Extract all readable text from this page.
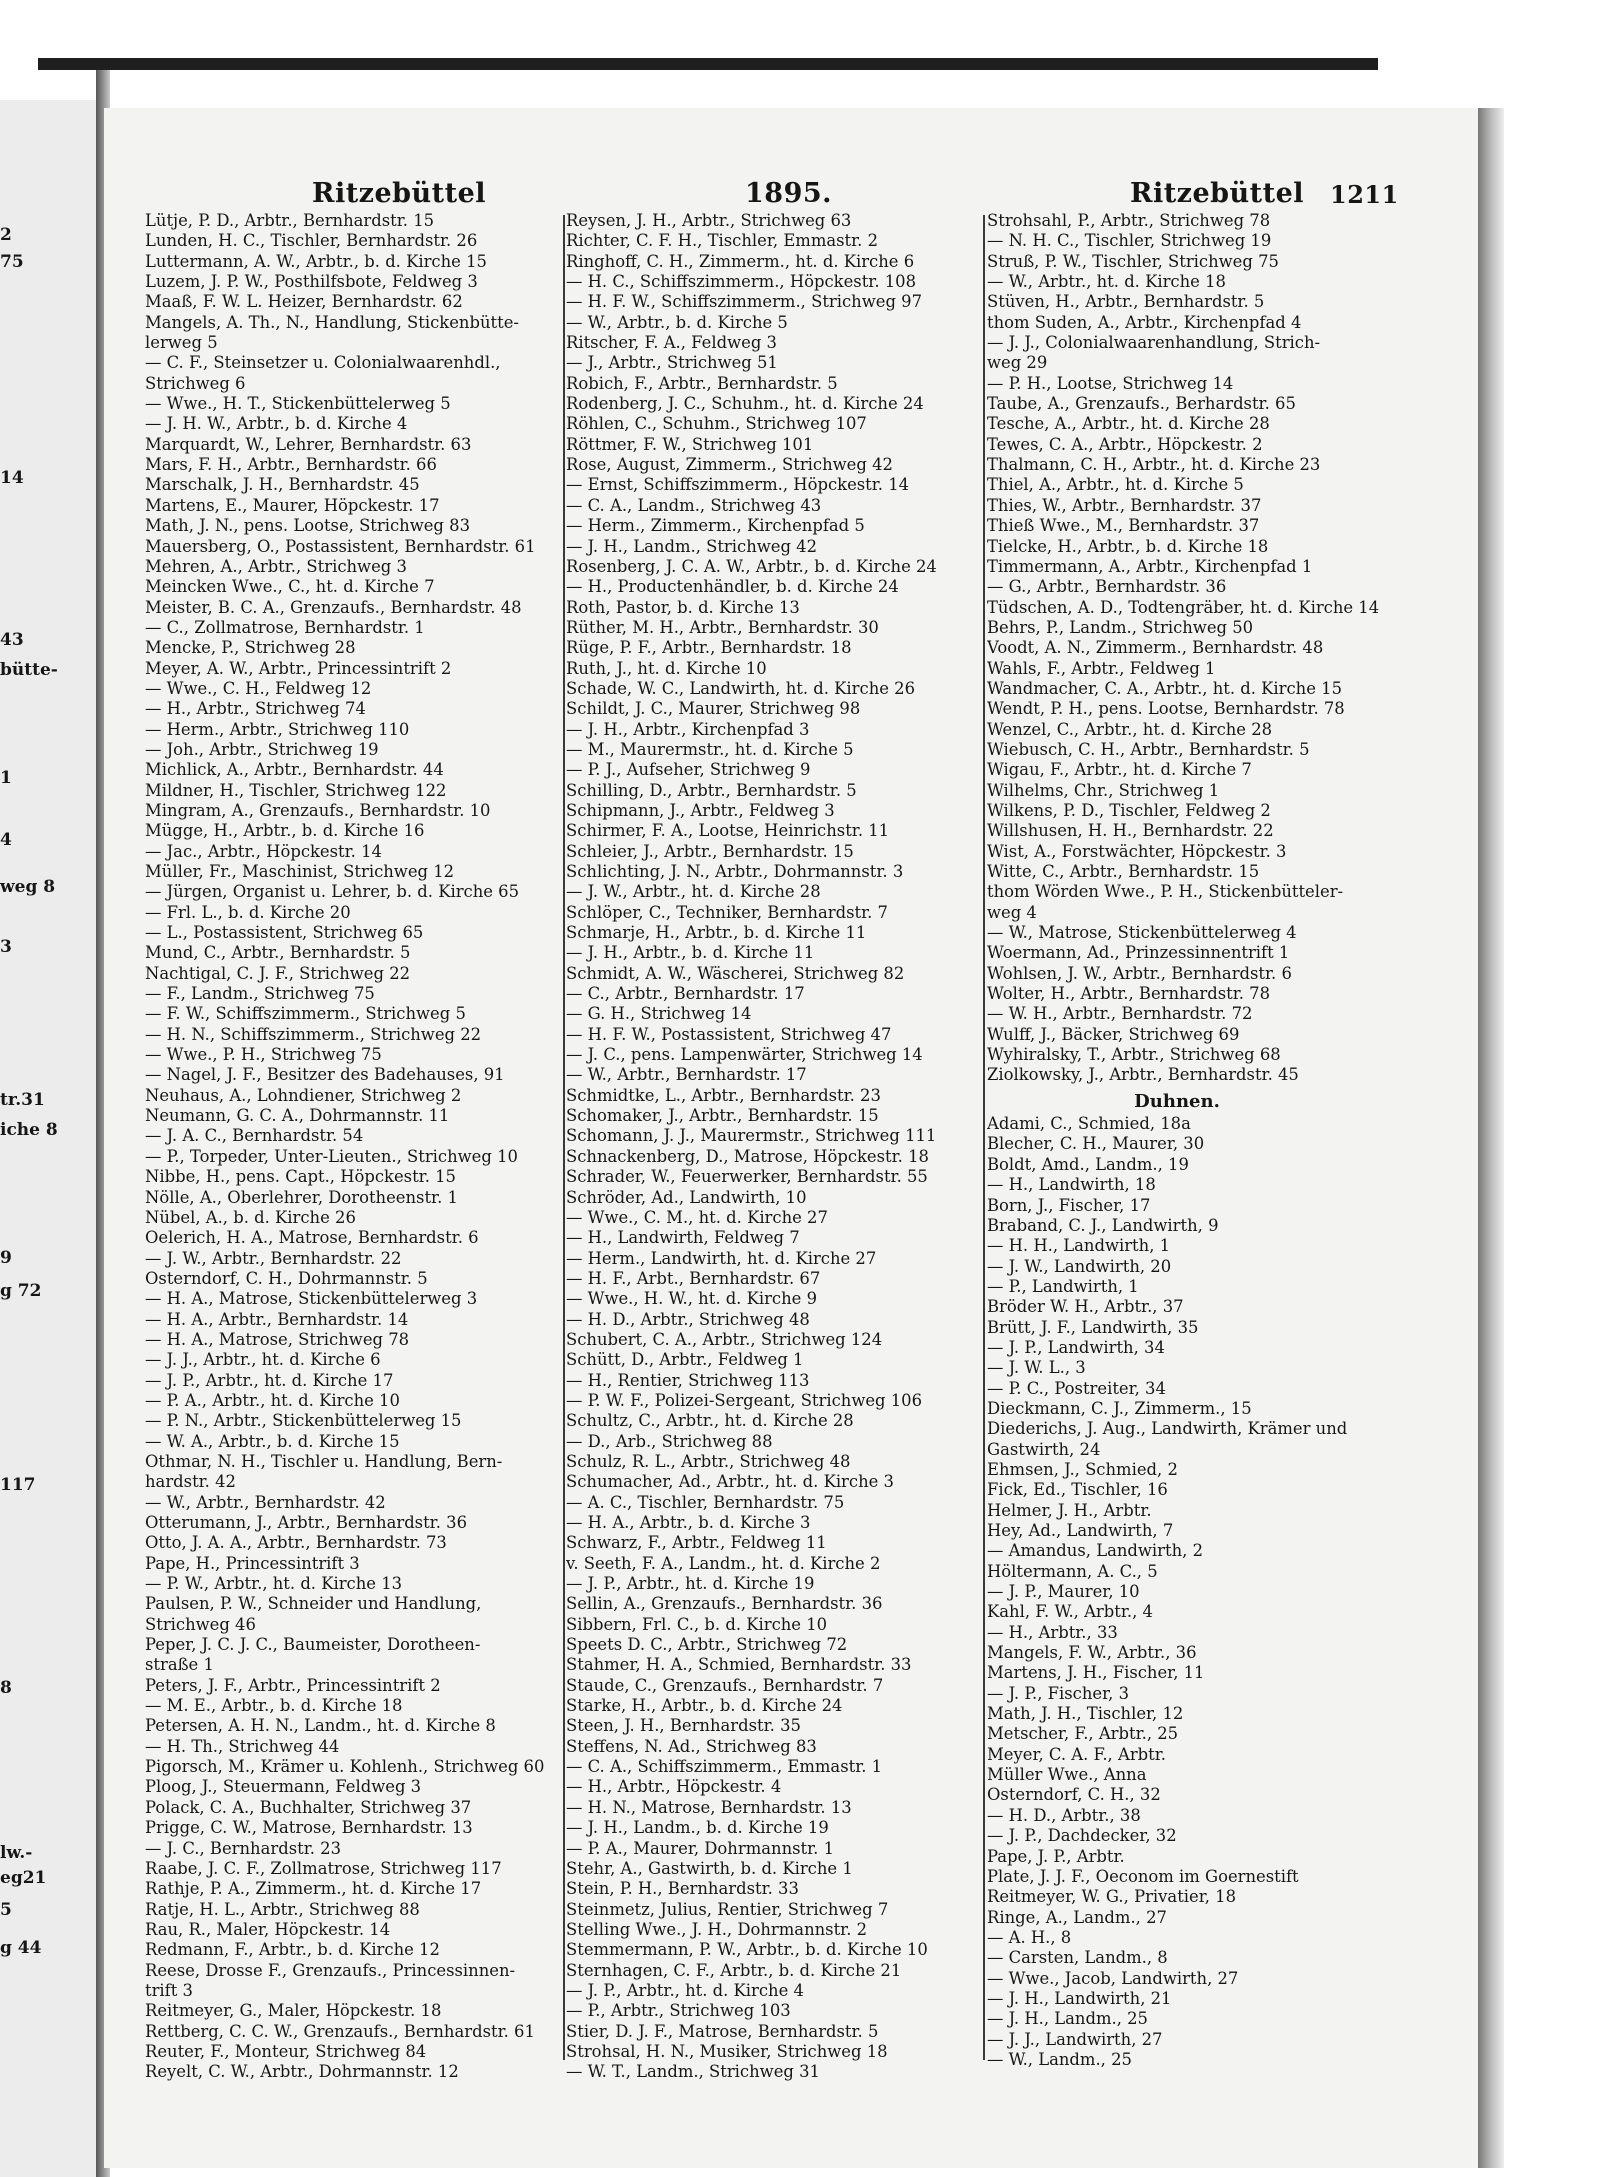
2
75
14
43
bütte-
1
4
weg 8
3
tr.31
iche 8
9
g 72
117
8
lw.-
eg21
5
g 44
Ritzebüttel	1895.	Ritzebüttel 1211
Lütje, P. D., Arbtr., Bernhardstr. 15
Lunden, H. C., Tischler, Bernhardstr. 26
Luttermann, A. W., Arbtr., b. d. Kirche 15
Luzem, J. P. W., Posthilfsbote, Feldweg 3
Maaß, F. W. L. Heizer, Bernhardstr. 62
Mangels, A. Th., N., Handlung, Stickenbütte-
lerweg 5
— C. F., Steinsetzer u. Colonialwaarenhdl.,
Strichweg 6
— Wwe., H. T., Stickenbüttelerweg 5
— J. H. W., Arbtr., b. d. Kirche 4
Marquardt, W., Lehrer, Bernhardstr. 63
Mars, F. H., Arbtr., Bernhardstr. 66
Marschalk, J. H., Bernhardstr. 45
Martens, E., Maurer, Höpckestr. 17
Math, J. N., pens. Lootse, Strichweg 83
Mauersberg, O., Postassistent, Bernhardstr. 61
Mehren, A., Arbtr., Strichweg 3
Meincken Wwe., C., ht. d. Kirche 7
Meister, B. C. A., Grenzaufs., Bernhardstr. 48
— C., Zollmatrose, Bernhardstr. 1
Mencke, P., Strichweg 28
Meyer, A. W., Arbtr., Princessintrift 2
— Wwe., C. H., Feldweg 12
— H., Arbtr., Strichweg 74
— Herm., Arbtr., Strichweg 110
— Joh., Arbtr., Strichweg 19
Michlick, A., Arbtr., Bernhardstr. 44
Mildner, H., Tischler, Strichweg 122
Mingram, A., Grenzaufs., Bernhardstr. 10
Mügge, H., Arbtr., b. d. Kirche 16
— Jac., Arbtr., Höpckestr. 14
Müller, Fr., Maschinist, Strichweg 12
— Jürgen, Organist u. Lehrer, b. d. Kirche 65
— Frl. L., b. d. Kirche 20
— L., Postassistent, Strichweg 65
Mund, C., Arbtr., Bernhardstr. 5
Nachtigal, C. J. F., Strichweg 22
— F., Landm., Strichweg 75
— F. W., Schiffszimmerm., Strichweg 5
— H. N., Schiffszimmerm., Strichweg 22
— Wwe., P. H., Strichweg 75
— Nagel, J. F., Besitzer des Badehauses, 91
Neuhaus, A., Lohndiener, Strichweg 2
Neumann, G. C. A., Dohrmannstr. 11
— J. A. C., Bernhardstr. 54
— P., Torpeder, Unter-Lieuten., Strichweg 10
Nibbe, H., pens. Capt., Höpckestr. 15
Nölle, A., Oberlehrer, Dorotheenstr. 1
Nübel, A., b. d. Kirche 26
Oelerich, H. A., Matrose, Bernhardstr. 6
— J. W., Arbtr., Bernhardstr. 22
Osterndorf, C. H., Dohrmannstr. 5
— H. A., Matrose, Stickenbüttelerweg 3
— H. A., Arbtr., Bernhardstr. 14
— H. A., Matrose, Strichweg 78
— J. J., Arbtr., ht. d. Kirche 6
— J. P., Arbtr., ht. d. Kirche 17
— P. A., Arbtr., ht. d. Kirche 10
— P. N., Arbtr., Stickenbüttelerweg 15
— W. A., Arbtr., b. d. Kirche 15
Othmar, N. H., Tischler u. Handlung, Bern-
hardstr. 42
— W., Arbtr., Bernhardstr. 42
Otterumann, J., Arbtr., Bernhardstr. 36
Otto, J. A. A., Arbtr., Bernhardstr. 73
Pape, H., Princessintrift 3
— P. W., Arbtr., ht. d. Kirche 13
Paulsen, P. W., Schneider und Handlung,
Strichweg 46
Peper, J. C. J. C., Baumeister, Dorotheen-
straße 1
Peters, J. F., Arbtr., Princessintrift 2
— M. E., Arbtr., b. d. Kirche 18
Petersen, A. H. N., Landm., ht. d. Kirche 8
— H. Th., Strichweg 44
Pigorsch, M., Krämer u. Kohlenh., Strichweg 60
Ploog, J., Steuermann, Feldweg 3
Polack, C. A., Buchhalter, Strichweg 37
Prigge, C. W., Matrose, Bernhardstr. 13
— J. C., Bernhardstr. 23
Raabe, J. C. F., Zollmatrose, Strichweg 117
Rathje, P. A., Zimmerm., ht. d. Kirche 17
Ratje, H. L., Arbtr., Strichweg 88
Rau, R., Maler, Höpckestr. 14
Redmann, F., Arbtr., b. d. Kirche 12
Reese, Drosse F., Grenzaufs., Princessinnen-
trift 3
Reitmeyer, G., Maler, Höpckestr. 18
Rettberg, C. C. W., Grenzaufs., Bernhardstr. 61
Reuter, F., Monteur, Strichweg 84
Reyelt, C. W., Arbtr., Dohrmannstr. 12
Reysen, J. H., Arbtr., Strichweg 63
Richter, C. F. H., Tischler, Emmastr. 2
Ringhoff, C. H., Zimmerm., ht. d. Kirche 6
— H. C., Schiffszimmerm., Höpckestr. 108
— H. F. W., Schiffszimmerm., Strichweg 97
— W., Arbtr., b. d. Kirche 5
Ritscher, F. A., Feldweg 3
— J., Arbtr., Strichweg 51
Robich, F., Arbtr., Bernhardstr. 5
Rodenberg, J. C., Schuhm., ht. d. Kirche 24
Röhlen, C., Schuhm., Strichweg 107
Röttmer, F. W., Strichweg 101
Rose, August, Zimmerm., Strichweg 42
— Ernst, Schiffszimmerm., Höpckestr. 14
— C. A., Landm., Strichweg 43
— Herm., Zimmerm., Kirchenpfad 5
— J. H., Landm., Strichweg 42
Rosenberg, J. C. A. W., Arbtr., b. d. Kirche 24
— H., Productenhändler, b. d. Kirche 24
Roth, Pastor, b. d. Kirche 13
Rüther, M. H., Arbtr., Bernhardstr. 30
Rüge, P. F., Arbtr., Bernhardstr. 18
Ruth, J., ht. d. Kirche 10
Schade, W. C., Landwirth, ht. d. Kirche 26
Schildt, J. C., Maurer, Strichweg 98
— J. H., Arbtr., Kirchenpfad 3
— M., Maurermstr., ht. d. Kirche 5
— P. J., Aufseher, Strichweg 9
Schilling, D., Arbtr., Bernhardstr. 5
Schipmann, J., Arbtr., Feldweg 3
Schirmer, F. A., Lootse, Heinrichstr. 11
Schleier, J., Arbtr., Bernhardstr. 15
Schlichting, J. N., Arbtr., Dohrmannstr. 3
— J. W., Arbtr., ht. d. Kirche 28
Schlöper, C., Techniker, Bernhardstr. 7
Schmarje, H., Arbtr., b. d. Kirche 11
— J. H., Arbtr., b. d. Kirche 11
Schmidt, A. W., Wäscherei, Strichweg 82
— C., Arbtr., Bernhardstr. 17
— G. H., Strichweg 14
— H. F. W., Postassistent, Strichweg 47
— J. C., pens. Lampenwärter, Strichweg 14
— W., Arbtr., Bernhardstr. 17
Schmidtke, L., Arbtr., Bernhardstr. 23
Schomaker, J., Arbtr., Bernhardstr. 15
Schomann, J. J., Maurermstr., Strichweg 111
Schnackenberg, D., Matrose, Höpckestr. 18
Schrader, W., Feuerwerker, Bernhardstr. 55
Schröder, Ad., Landwirth, 10
— Wwe., C. M., ht. d. Kirche 27
— H., Landwirth, Feldweg 7
— Herm., Landwirth, ht. d. Kirche 27
— H. F., Arbt., Bernhardstr. 67
— Wwe., H. W., ht. d. Kirche 9
— H. D., Arbtr., Strichweg 48
Schubert, C. A., Arbtr., Strichweg 124
Schütt, D., Arbtr., Feldweg 1
— H., Rentier, Strichweg 113
— P. W. F., Polizei-Sergeant, Strichweg 106
Schultz, C., Arbtr., ht. d. Kirche 28
— D., Arb., Strichweg 88
Schulz, R. L., Arbtr., Strichweg 48
Schumacher, Ad., Arbtr., ht. d. Kirche 3
— A. C., Tischler, Bernhardstr. 75
— H. A., Arbtr., b. d. Kirche 3
Schwarz, F., Arbtr., Feldweg 11
v. Seeth, F. A., Landm., ht. d. Kirche 2
— J. P., Arbtr., ht. d. Kirche 19
Sellin, A., Grenzaufs., Bernhardstr. 36
Sibbern, Frl. C., b. d. Kirche 10
Speets D. C., Arbtr., Strichweg 72
Stahmer, H. A., Schmied, Bernhardstr. 33
Staude, C., Grenzaufs., Bernhardstr. 7
Starke, H., Arbtr., b. d. Kirche 24
Steen, J. H., Bernhardstr. 35
Steffens, N. Ad., Strichweg 83
— C. A., Schiffszimmerm., Emmastr. 1
— H., Arbtr., Höpckestr. 4
— H. N., Matrose, Bernhardstr. 13
— J. H., Landm., b. d. Kirche 19
— P. A., Maurer, Dohrmannstr. 1
Stehr, A., Gastwirth, b. d. Kirche 1
Stein, P. H., Bernhardstr. 33
Steinmetz, Julius, Rentier, Strichweg 7
Stelling Wwe., J. H., Dohrmannstr. 2
Stemmermann, P. W., Arbtr., b. d. Kirche 10
Sternhagen, C. F., Arbtr., b. d. Kirche 21
— J. P., Arbtr., ht. d. Kirche 4
— P., Arbtr., Strichweg 103
Stier, D. J. F., Matrose, Bernhardstr. 5
Strohsal, H. N., Musiker, Strichweg 18
— W. T., Landm., Strichweg 31
Strohsahl, P., Arbtr., Strichweg 78
— N. H. C., Tischler, Strichweg 19
Struß, P. W., Tischler, Strichweg 75
— W., Arbtr., ht. d. Kirche 18
Stüven, H., Arbtr., Bernhardstr. 5
thom Suden, A., Arbtr., Kirchenpfad 4
— J. J., Colonialwaarenhandlung, Strich-
weg 29
— P. H., Lootse, Strichweg 14
Taube, A., Grenzaufs., Berhardstr. 65
Tesche, A., Arbtr., ht. d. Kirche 28
Tewes, C. A., Arbtr., Höpckestr. 2
Thalmann, C. H., Arbtr., ht. d. Kirche 23
Thiel, A., Arbtr., ht. d. Kirche 5
Thies, W., Arbtr., Bernhardstr. 37
Thieß Wwe., M., Bernhardstr. 37
Tielcke, H., Arbtr., b. d. Kirche 18
Timmermann, A., Arbtr., Kirchenpfad 1
— G., Arbtr., Bernhardstr. 36
Tüdschen, A. D., Todtengräber, ht. d. Kirche 14
Behrs, P., Landm., Strichweg 50
Voodt, A. N., Zimmerm., Bernhardstr. 48
Wahls, F., Arbtr., Feldweg 1
Wandmacher, C. A., Arbtr., ht. d. Kirche 15
Wendt, P. H., pens. Lootse, Bernhardstr. 78
Wenzel, C., Arbtr., ht. d. Kirche 28
Wiebusch, C. H., Arbtr., Bernhardstr. 5
Wigau, F., Arbtr., ht. d. Kirche 7
Wilhelms, Chr., Strichweg 1
Wilkens, P. D., Tischler, Feldweg 2
Willshusen, H. H., Bernhardstr. 22
Wist, A., Forstwächter, Höpckestr. 3
Witte, C., Arbtr., Bernhardstr. 15
thom Wörden Wwe., P. H., Stickenbütteler-
weg 4
— W., Matrose, Stickenbüttelerweg 4
Woermann, Ad., Prinzessinnentrift 1
Wohlsen, J. W., Arbtr., Bernhardstr. 6
Wolter, H., Arbtr., Bernhardstr. 78
— W. H., Arbtr., Bernhardstr. 72
Wulff, J., Bäcker, Strichweg 69
Wyhiralsky, T., Arbtr., Strichweg 68
Ziolkowsky, J., Arbtr., Bernhardstr. 45
Duhnen.
Adami, C., Schmied, 18a
Blecher, C. H., Maurer, 30
Boldt, Amd., Landm., 19
— H., Landwirth, 18
Born, J., Fischer, 17
Braband, C. J., Landwirth, 9
— H. H., Landwirth, 1
— J. W., Landwirth, 20
— P., Landwirth, 1
Bröder W. H., Arbtr., 37
Brütt, J. F., Landwirth, 35
— J. P., Landwirth, 34
— J. W. L., 3
— P. C., Postreiter, 34
Dieckmann, C. J., Zimmerm., 15
Diederichs, J. Aug., Landwirth, Krämer und
Gastwirth, 24
Ehmsen, J., Schmied, 2
Fick, Ed., Tischler, 16
Helmer, J. H., Arbtr.
Hey, Ad., Landwirth, 7
— Amandus, Landwirth, 2
Höltermann, A. C., 5
— J. P., Maurer, 10
Kahl, F. W., Arbtr., 4
— H., Arbtr., 33
Mangels, F. W., Arbtr., 36
Martens, J. H., Fischer, 11
— J. P., Fischer, 3
Math, J. H., Tischler, 12
Metscher, F., Arbtr., 25
Meyer, C. A. F., Arbtr.
Müller Wwe., Anna
Osterndorf, C. H., 32
— H. D., Arbtr., 38
— J. P., Dachdecker, 32
Pape, J. P., Arbtr.
Plate, J. J. F., Oeconom im Goernestift
Reitmeyer, W. G., Privatier, 18
Ringe, A., Landm., 27
— A. H., 8
— Carsten, Landm., 8
— Wwe., Jacob, Landwirth, 27
— J. H., Landwirth, 21
— J. H., Landm., 25
— J. J., Landwirth, 27
— W., Landm., 25
